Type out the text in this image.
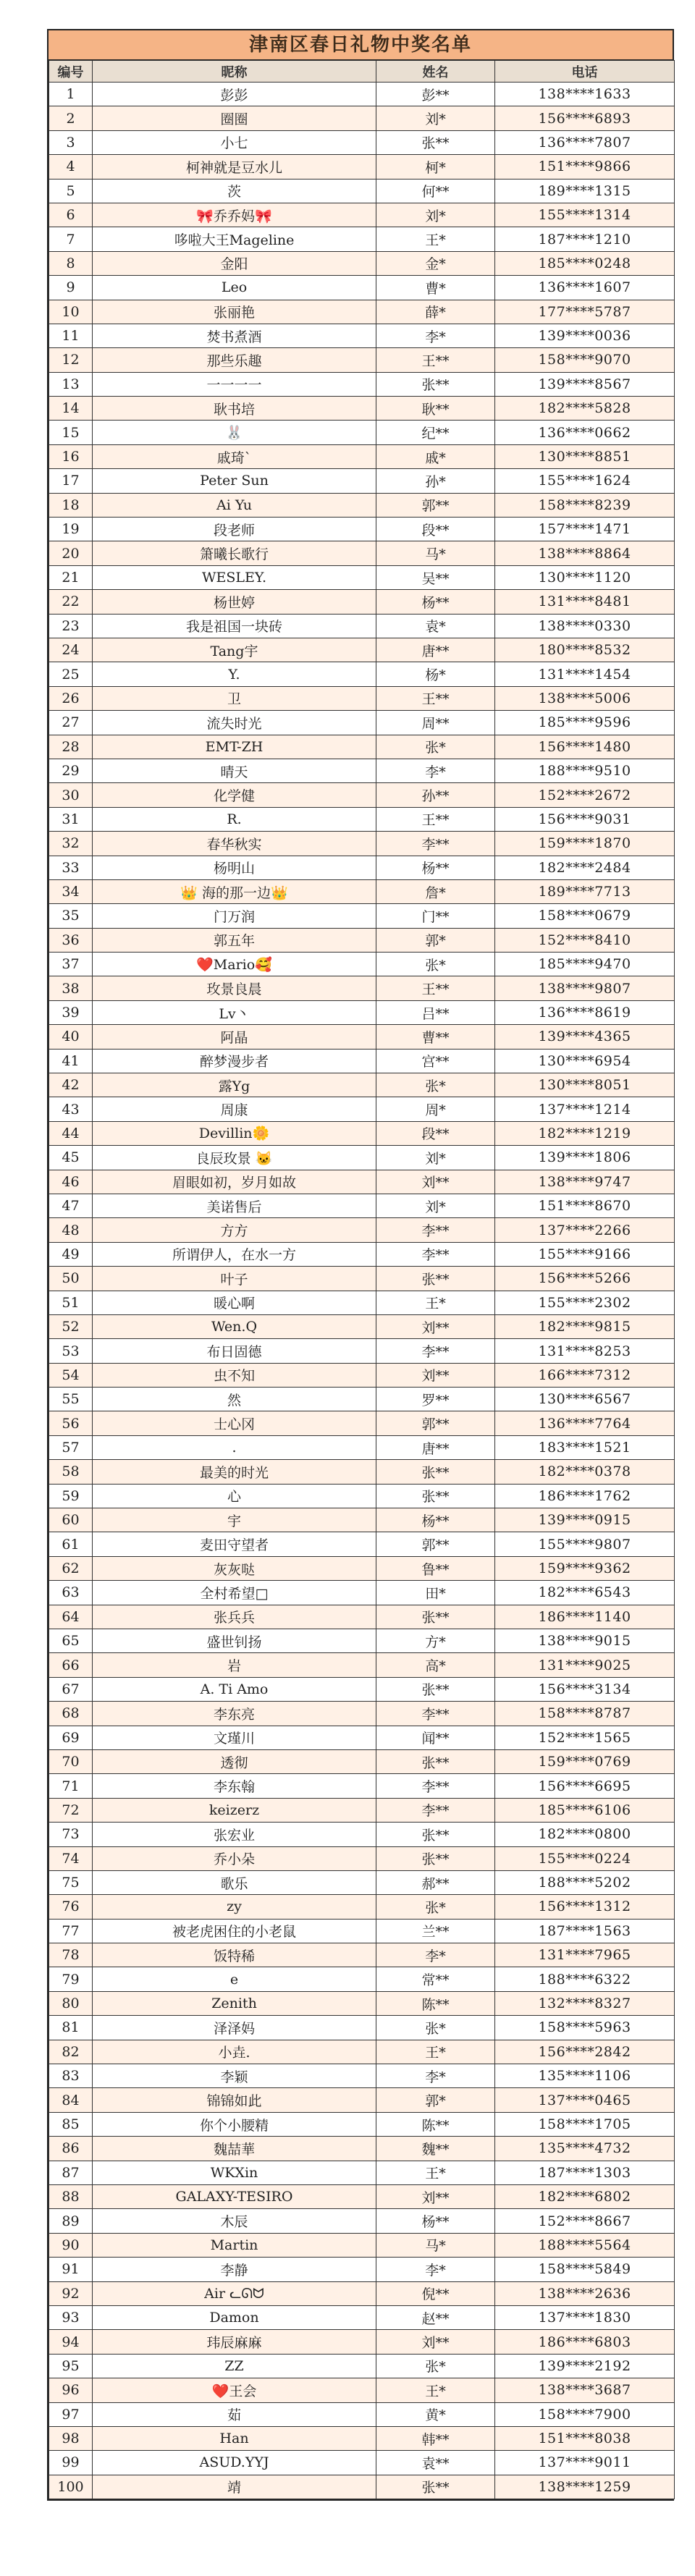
津南区春日礼物中奖名单
编号	昵称	姓名	电话
1	彭彭	彭**	138****1633
2	圈圈	刘*	156****6893
3	小七	张**	136****7807
4	柯神就是豆水儿	柯*	151****9866
5	茨	何**	189****1315
6	🎀乔乔妈🎀	刘*	155****1314
7	哆啦大王Mageline	王*	187****1210
8	金阳	金*	185****0248
9	Leo	曹*	136****1607
10	张丽艳	薛*	177****5787
11	焚书煮酒	李*	139****0036
12	那些乐趣	王**	158****9070
13	一一一一	张**	139****8567
14	耿书培	耿**	182****5828
15	🐰	纪**	136****0662
16	戚琦`	戚*	130****8851
17	Peter Sun	孙*	155****1624
18	Ai Yu	郭**	158****8239
19	段老师	段**	157****1471
20	箫曦长歌行	马*	138****8864
21	WESLEY.	吴**	130****1120
22	杨世婷	杨**	131****8481
23	我是祖国一块砖	袁*	138****0330
24	Tang宇	唐**	180****8532
25	Y.	杨*	131****1454
26	卫	王**	138****5006
27	流失时光	周**	185****9596
28	EMT-ZH	张*	156****1480
29	晴天	李*	188****9510
30	化学健	孙**	152****2672
31	R.	王**	156****9031
32	春华秋实	李**	159****1870
33	杨明山	杨**	182****2484
34	👑 海的那一边👑	詹*	189****7713
35	门万润	门**	158****0679
36	郭五年	郭*	152****8410
37	❤️Mario🥰	张*	185****9470
38	玫景良晨	王**	138****9807
39	Lv丶	吕**	136****8619
40	阿晶	曹**	139****4365
41	醉梦漫步者	宫**	130****6954
42	露Yg	张*	130****8051
43	周康	周*	137****1214
44	Devillin🌼	段**	182****1219
45	良辰玫景 🐱	刘*	139****1806
46	眉眼如初，岁月如故	刘**	138****9747
47	美诺售后	刘*	151****8670
48	方方	李**	137****2266
49	所谓伊人，在水一方	李**	155****9166
50	叶子	张**	156****5266
51	暖心啊	王*	155****2302
52	Wen.Q	刘**	182****9815
53	布日固德	李**	131****8253
54	虫不知	刘**	166****7312
55	然	罗**	130****6567
56	士心冈	郭**	136****7764
57	.	唐**	183****1521
58	最美的时光	张**	182****0378
59	心	张**	186****1762
60	宇	杨**	139****0915
61	麦田守望者	郭**	155****9807
62	灰灰哒	鲁**	159****9362
63	全村希望□	田*	182****6543
64	张兵兵	张**	186****1140
65	盛世钊扬	方*	138****9015
66	岩	高*	131****9025
67	A. Ti Amo	张**	156****3134
68	李东亮	李**	158****8787
69	文瑾川	闻**	152****1565
70	透彻	张**	159****0769
71	李东翰	李**	156****6695
72	keizerz	李**	185****6106
73	张宏业	张**	182****0800
74	乔小朵	张**	155****0224
75	歌乐	郝**	188****5202
76	zy	张*	156****1312
77	被老虎困住的小老鼠	兰**	187****1563
78	饭特稀	李*	131****7965
79	e	常**	188****6322
80	Zenith	陈**	132****8327
81	泽泽妈	张*	158****5963
82	小垚.	王*	156****2842
83	李颖	李*	135****1106
84	锦锦如此	郭*	137****0465
85	你个小腰精	陈**	158****1705
86	魏喆華	魏**	135****4732
87	WKXin	王*	187****1303
88	GALAXY-TESIRO	刘**	182****6802
89	木辰	杨**	152****8667
90	Martin	马*	188****5564
91	李静	李*	158****5849
92	Air ᓚᘏᗢ	倪**	138****2636
93	Damon	赵**	137****1830
94	玮辰麻麻	刘**	186****6803
95	ZZ	张*	139****2192
96	❤️王会	王*	138****3687
97	茹	黄*	158****7900
98	Han	韩**	151****8038
99	ASUD.YYJ	袁**	137****9011
100	靖	张**	138****1259
